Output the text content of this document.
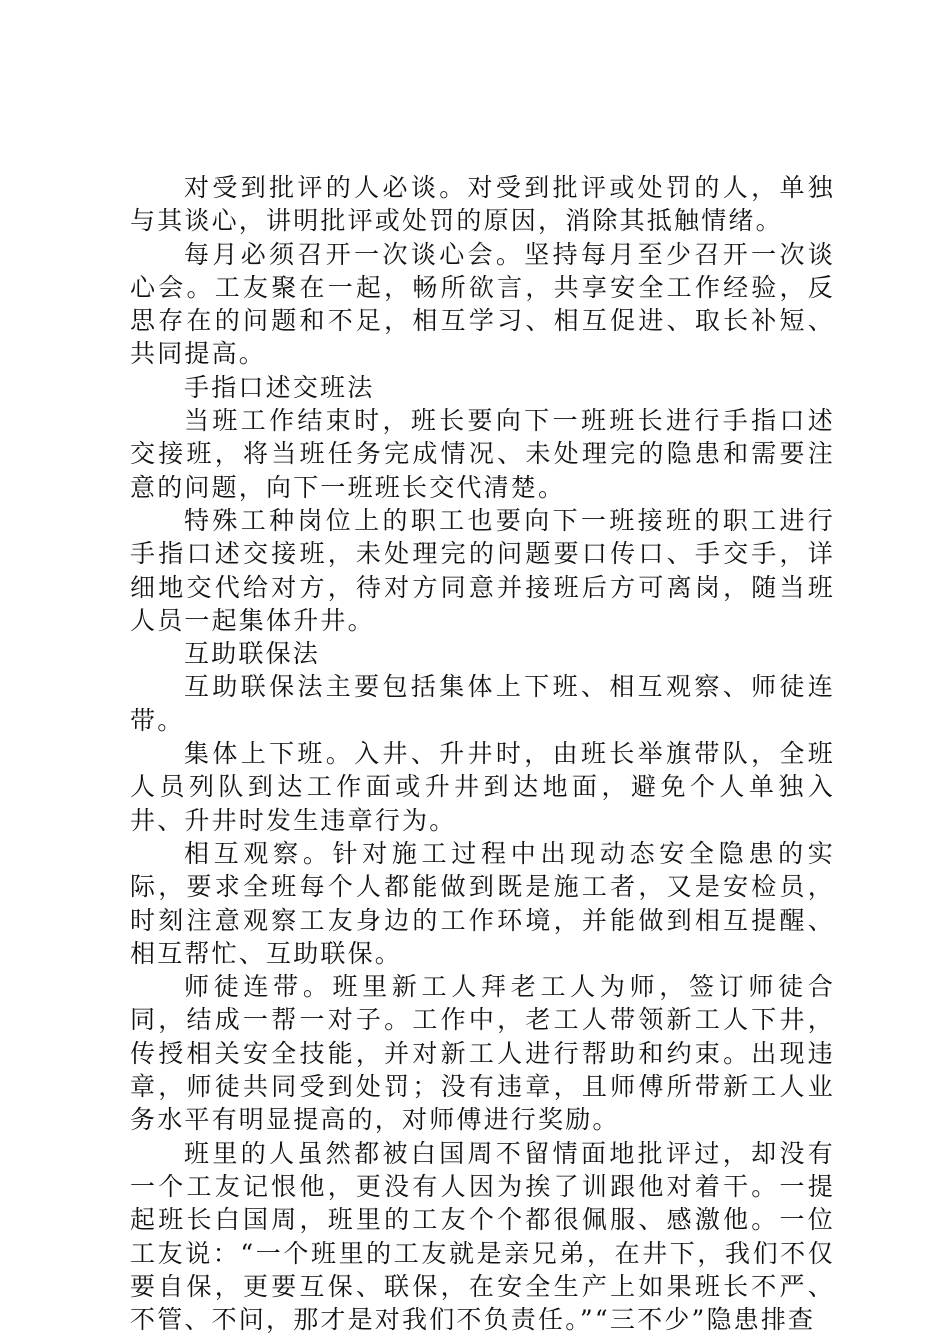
对受到批评的人必谈。对受到批评或处罚的人，单独与其谈心，讲明批评或处罚的原因，消除其抵触情绪。

每月必须召开一次谈心会。坚持每月至少召开一次谈心会。工友聚在一起，畅所欲言，共享安全工作经验，反思存在的问题和不足，相互学习、相互促进、取长补短、共同提高。

手指口述交班法

当班工作结束时，班长要向下一班班长进行手指口述交接班，将当班任务完成情况、未处理完的隐患和需要注意的问题，向下一班班长交代清楚。

特殊工种岗位上的职工也要向下一班接班的职工进行手指口述交接班，未处理完的问题要口传口、手交手，详细地交代给对方，待对方同意并接班后方可离岗，随当班人员一起集体升井。

互助联保法

互助联保法主要包括集体上下班、相互观察、师徒连带。

集体上下班。入井、升井时，由班长举旗带队，全班人员列队到达工作面或升井到达地面，避免个人单独入井、升井时发生违章行为。

相互观察。针对施工过程中出现动态安全隐患的实际，要求全班每个人都能做到既是施工者，又是安检员，时刻注意观察工友身边的工作环境，并能做到相互提醒、相互帮忙、互助联保。

师徒连带。班里新工人拜老工人为师，签订师徒合同，结成一帮一对子。工作中，老工人带领新工人下井，传授相关安全技能，并对新工人进行帮助和约束。出现违章，师徒共同受到处罚；没有违章，且师傅所带新工人业务水平有明显提高的，对师傅进行奖励。

班里的人虽然都被白国周不留情面地批评过，却没有一个工友记恨他，更没有人因为挨了训跟他对着干。一提起班长白国周，班里的工友个个都很佩服、感激他。一位工友说：“一个班里的工友就是亲兄弟，在井下，我们不仅要自保，更要互保、联保，在安全生产上如果班长不严、不管、不问，那才是对我们不负责任。”“三不少”隐患排查
